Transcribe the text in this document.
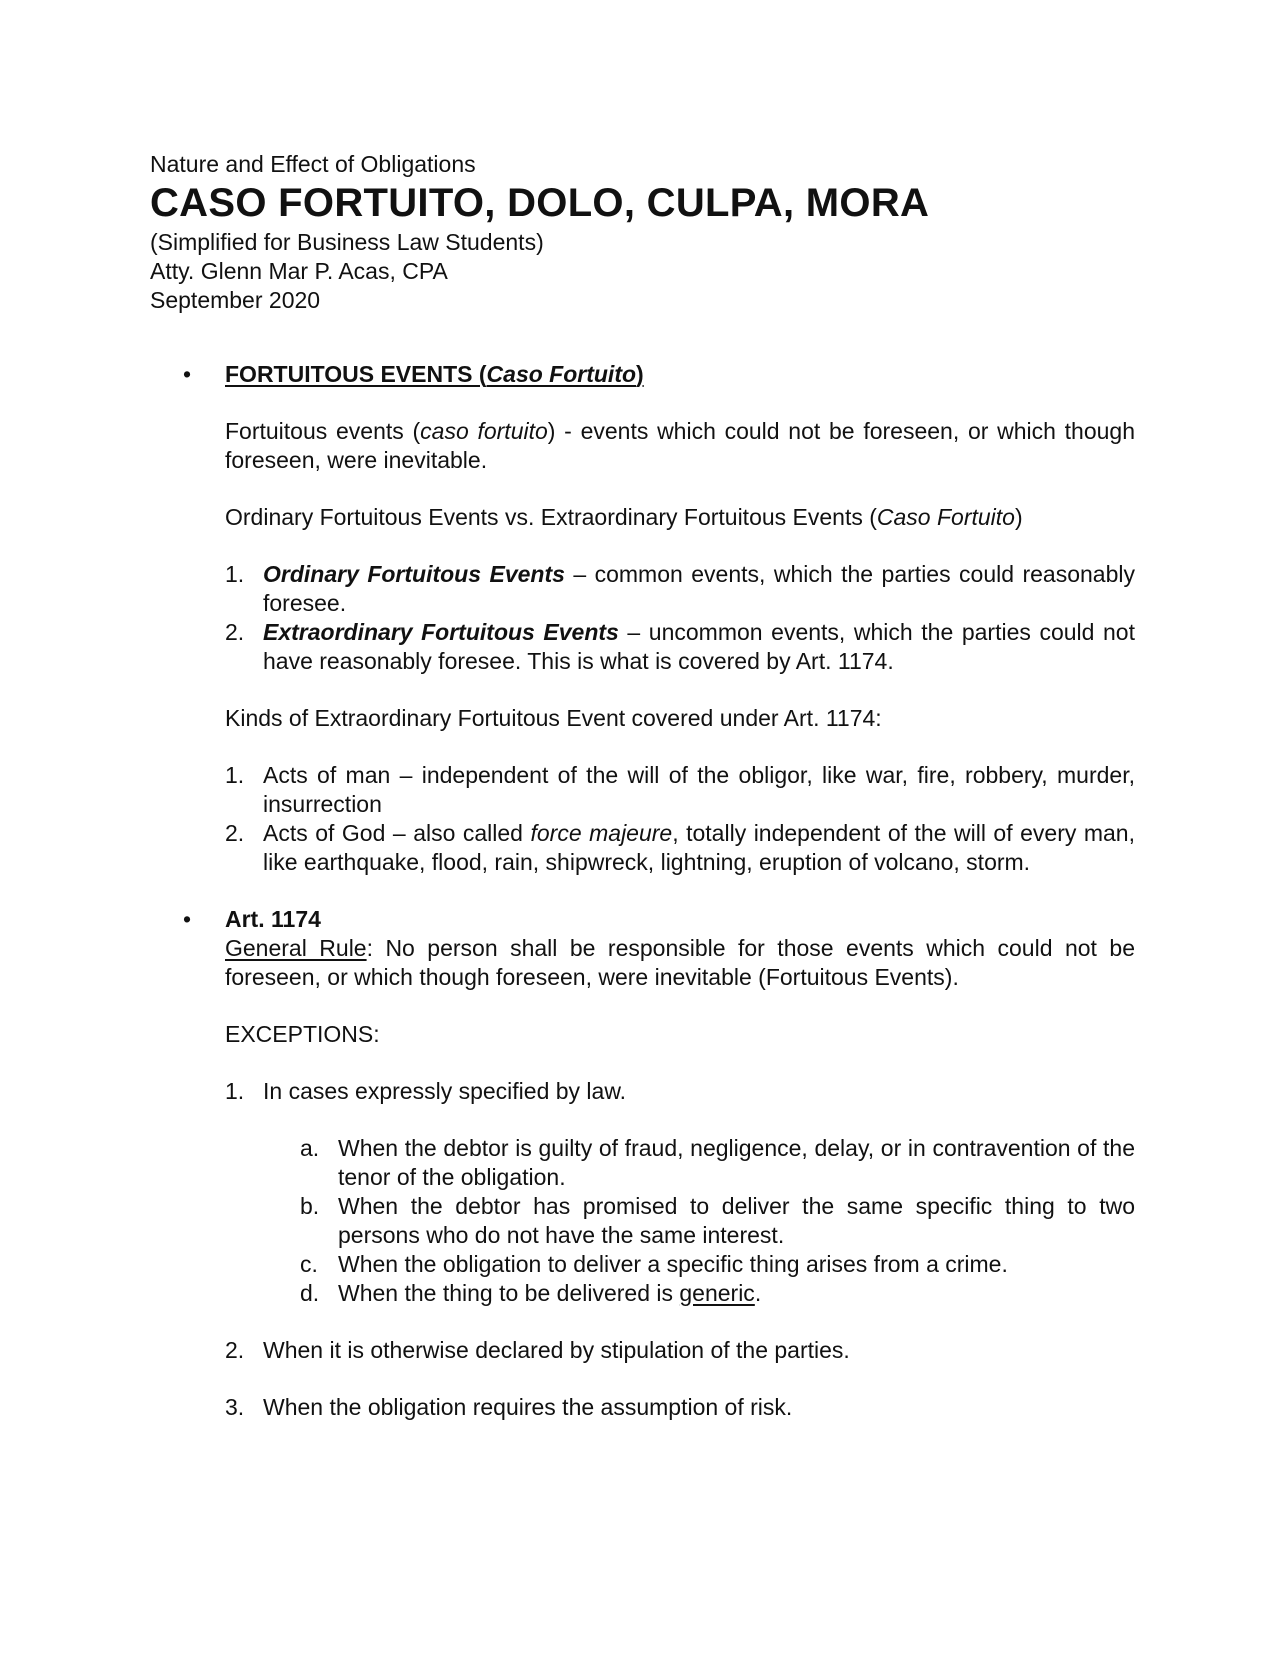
Nature and Effect of Obligations
CASO FORTUITO, DOLO, CULPA, MORA
(Simplified for Business Law Students)
Atty. Glenn Mar P. Acas, CPA
September 2020
• FORTUITOUS EVENTS (Caso Fortuito)

Fortuitous events (caso fortuito) - events which could not be foreseen, or which though foreseen, were inevitable.

Ordinary Fortuitous Events vs. Extraordinary Fortuitous Events (Caso Fortuito)

1. Ordinary Fortuitous Events – common events, which the parties could reasonably foresee.
2. Extraordinary Fortuitous Events – uncommon events, which the parties could not have reasonably foresee. This is what is covered by Art. 1174.

Kinds of Extraordinary Fortuitous Event covered under Art. 1174:

1. Acts of man – independent of the will of the obligor, like war, fire, robbery, murder, insurrection
2. Acts of God – also called force majeure, totally independent of the will of every man, like earthquake, flood, rain, shipwreck, lightning, eruption of volcano, storm.
• Art. 1174

General Rule: No person shall be responsible for those events which could not be foreseen, or which though foreseen, were inevitable (Fortuitous Events).

EXCEPTIONS:

1. In cases expressly specified by law.
a. When the debtor is guilty of fraud, negligence, delay, or in contravention of the tenor of the obligation.
b. When the debtor has promised to deliver the same specific thing to two persons who do not have the same interest.
c. When the obligation to deliver a specific thing arises from a crime.
d. When the thing to be delivered is generic.
2. When it is otherwise declared by stipulation of the parties.
3. When the obligation requires the assumption of risk.
